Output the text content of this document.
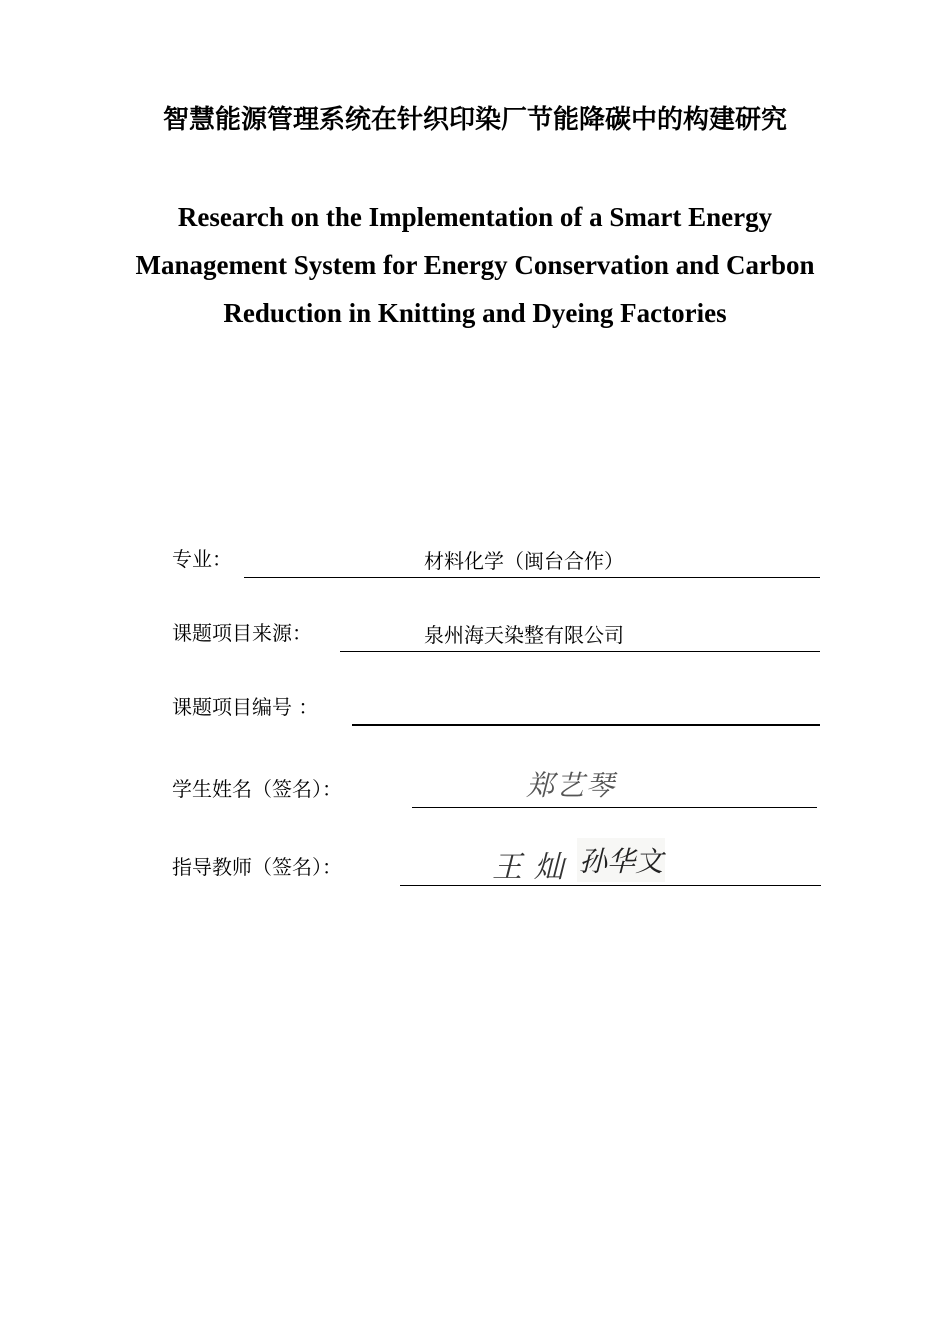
智慧能源管理系统在针织印染厂节能降碳中的构建研究
Research on the Implementation of a Smart Energy
Management System for Energy Conservation and Carbon
Reduction in Knitting and Dyeing Factories
专业：	材料化学（闽台合作）
课题项目来源：	泉州海天染整有限公司
课题项目编号 ：
学生姓名（签名）：	郑艺琴
指导教师（签名）：	王灿 孙华文
